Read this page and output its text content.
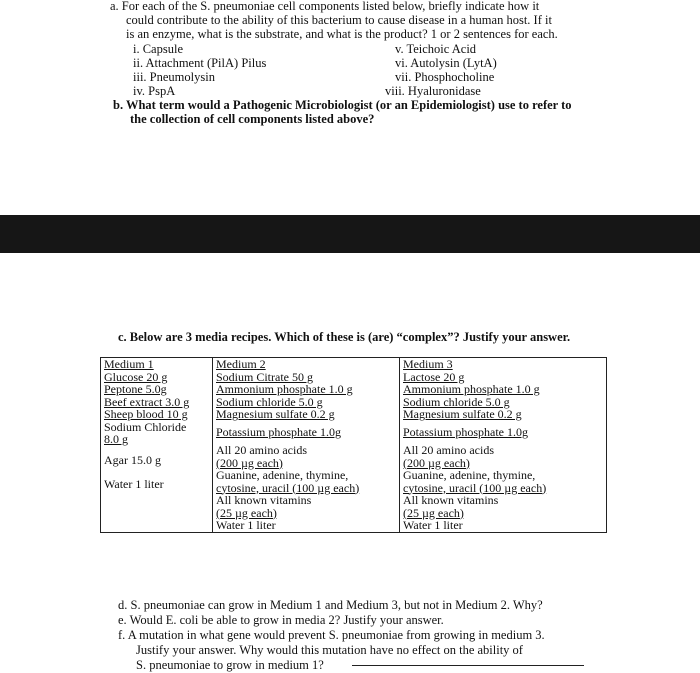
a. For each of the S. pneumoniae cell components listed below, briefly indicate how it
could contribute to the ability of this bacterium to cause disease in a human host. If it
is an enzyme, what is the substrate, and what is the product? 1 or 2 sentences for each.
i. Capsule
ii. Attachment (PilA) Pilus
iii. Pneumolysin
iv. PspA
v. Teichoic Acid
vi. Autolysin (LytA)
vii. Phosphocholine
viii. Hyaluronidase
b. What term would a Pathogenic Microbiologist (or an Epidemiologist) use to refer to
the collection of cell components listed above?
c. Below are 3 media recipes. Which of these is (are) “complex”? Justify your answer.
Medium 1
Glucose 20 g
Peptone 5.0g
Beef extract 3.0 g
Sheep blood 10 g
Sodium Chloride
8.0 g
Agar 15.0 g
Water 1 liter

Medium 2
Sodium Citrate 50 g
Ammonium phosphate 1.0 g
Sodium chloride 5.0 g
Magnesium sulfate 0.2 g
Potassium phosphate 1.0g
All 20 amino acids
(200 µg each)
Guanine, adenine, thymine,
cytosine, uracil (100 µg each)
All known vitamins
(25 µg each)
Water 1 liter

Medium 3
Lactose 20 g
Ammonium phosphate 1.0 g
Sodium chloride 5.0 g
Magnesium sulfate 0.2 g
Potassium phosphate 1.0g
All 20 amino acids
(200 µg each)
Guanine, adenine, thymine,
cytosine, uracil (100 µg each)
All known vitamins
(25 µg each)
Water 1 liter
d. S. pneumoniae can grow in Medium 1 and Medium 3, but not in Medium 2. Why?
e. Would E. coli be able to grow in media 2? Justify your answer.
f. A mutation in what gene would prevent S. pneumoniae from growing in medium 3.
Justify your answer. Why would this mutation have no effect on the ability of
S. pneumoniae to grow in medium 1?
